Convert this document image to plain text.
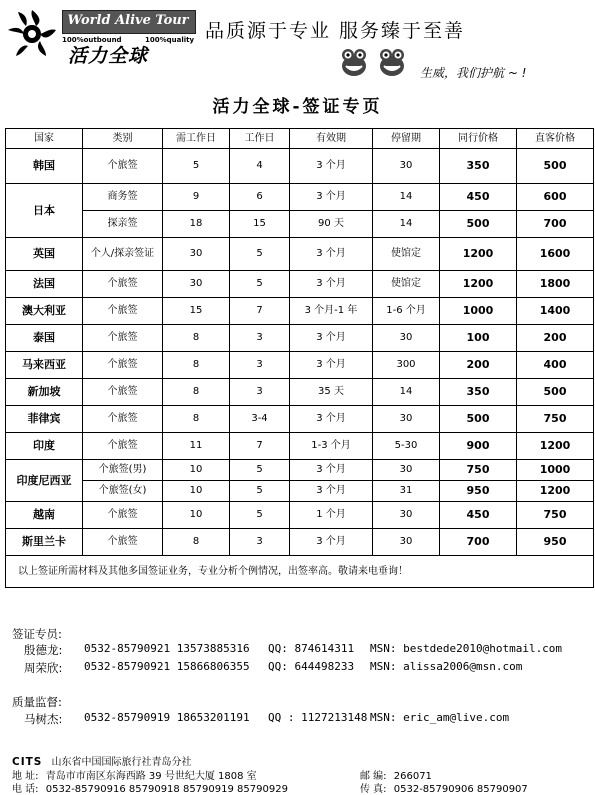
World Alive Tour
100%outbound	100%quality
活力全球
品质源于专业 服务臻于至善
生威，我们护航 ~ !
活力全球-签证专页
国家	类别	需工作日	工作日	有效期	停留期	同行价格	直客价格
韩国	个旅签	5	4	3 个月	30	350	500
日本	商务签	9	6	3 个月	14	450	600
	探亲签	18	15	90 天	14	500	700
英国	个人/探亲签证	30	5	3 个月	使馆定	1200	1600
法国	个旅签	30	5	3 个月	使馆定	1200	1800
澳大利亚	个旅签	15	7	3 个月-1 年	1-6 个月	1000	1400
泰国	个旅签	8	3	3 个月	30	100	200
马来西亚	个旅签	8	3	3 个月	300	200	400
新加坡	个旅签	8	3	35 天	14	350	500
菲律宾	个旅签	8	3-4	3 个月	30	500	750
印度	个旅签	11	7	1-3 个月	5-30	900	1200
印度尼西亚	个旅签(男)	10	5	3 个月	30	750	1000
	个旅签(女)	10	5	3 个月	31	950	1200
越南	个旅签	10	5	1 个月	30	450	750
斯里兰卡	个旅签	8	3	3 个月	30	700	950
以上签证所需材料及其他多国签证业务，专业分析个例情况，出签率高。敬请来电垂询！							
签证专员:
殷德龙: 0532-85790921 13573885316 QQ: 874614311 MSN: bestdede2010@hotmail.com
周荣欣: 0532-85790921 15866806355 QQ: 644498233 MSN: alissa2006@msn.com
质量监督:
马树杰: 0532-85790919 18653201191 QQ : 1127213148 MSN: eric_am@live.com
CITS 山东省中国国际旅行社青岛分社
地 址: 青岛市市南区东海西路 39 号世纪大厦 1808 室	邮 编: 266071
电 话: 0532-85790916 85790918 85790919 85790929	传 真: 0532-85790906 85790907
